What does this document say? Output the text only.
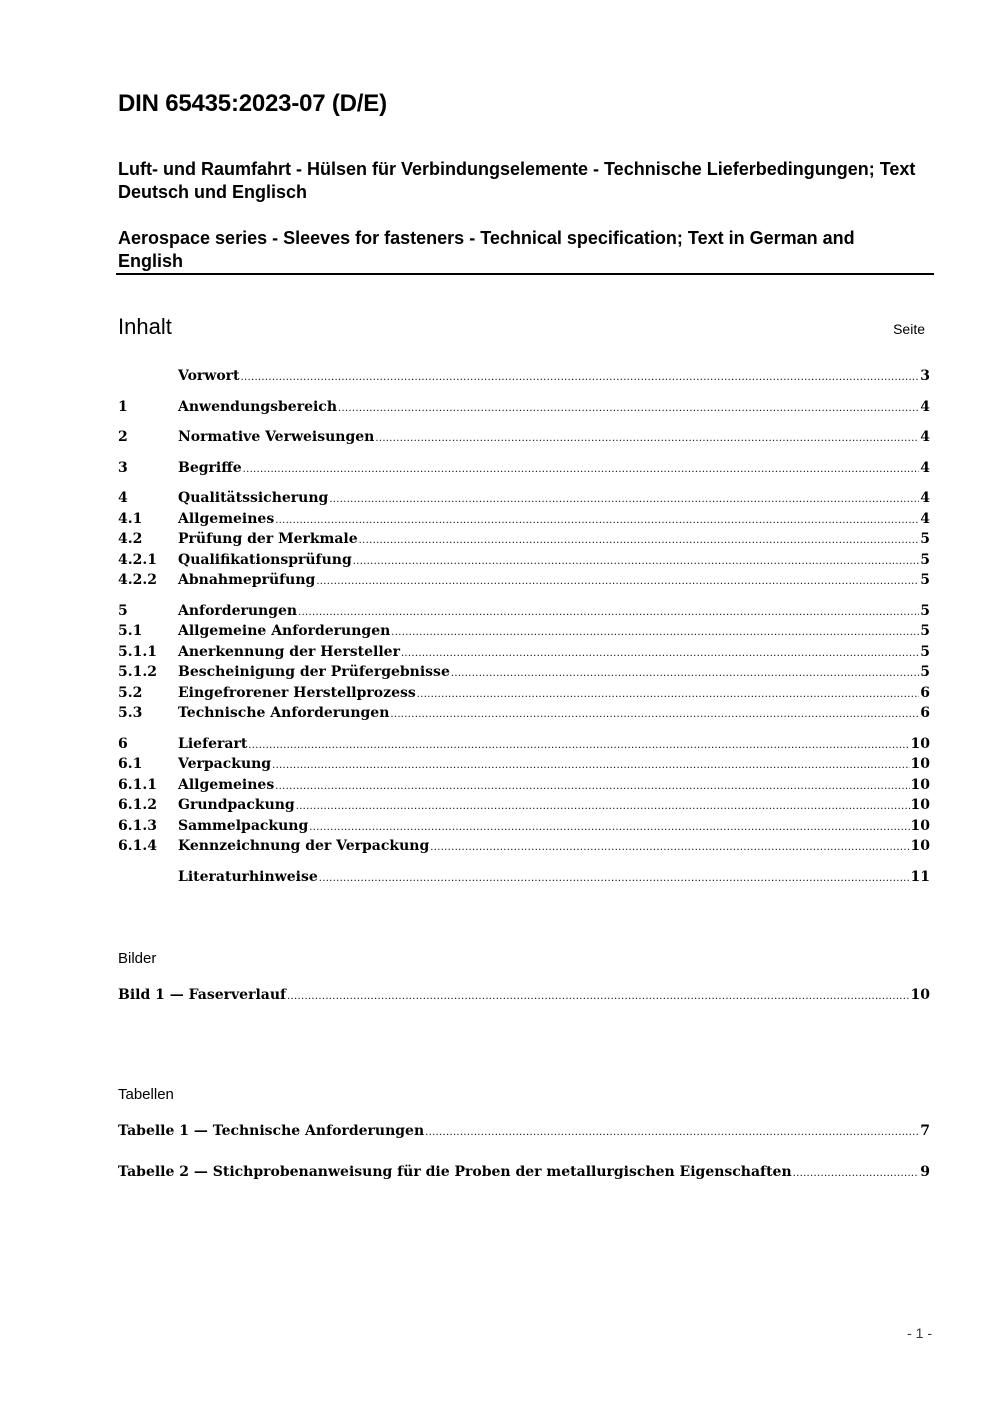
DIN 65435:2023-07 (D/E)
Luft- und Raumfahrt - Hülsen für Verbindungselemente - Technische Lieferbedingungen; Text Deutsch und Englisch
Aerospace series - Sleeves for fasteners - Technical specification; Text in German and English
Inhalt	Seite
Vorwort .....	3
1	Anwendungsbereich .....	4
2	Normative Verweisungen .....	4
3	Begriffe .....	4
4	Qualitätssicherung .....	4
4.1	Allgemeines .....	4
4.2	Prüfung der Merkmale .....	5
4.2.1	Qualifikationsprüfung .....	5
4.2.2	Abnahmeprüfung .....	5
5	Anforderungen .....	5
5.1	Allgemeine Anforderungen .....	5
5.1.1	Anerkennung der Hersteller .....	5
5.1.2	Bescheinigung der Prüfergebnisse .....	5
5.2	Eingefrorener Herstellprozess .....	6
5.3	Technische Anforderungen .....	6
6	Lieferart .....	10
6.1	Verpackung .....	10
6.1.1	Allgemeines .....	10
6.1.2	Grundpackung .....	10
6.1.3	Sammelpackung .....	10
6.1.4	Kennzeichnung der Verpackung .....	10
Literaturhinweise .....	11
Bilder
Bild 1 — Faserverlauf .....	10
Tabellen
Tabelle 1 — Technische Anforderungen .....	7
Tabelle 2 — Stichprobenanweisung für die Proben der metallurgischen Eigenschaften .....	9
- 1 -
